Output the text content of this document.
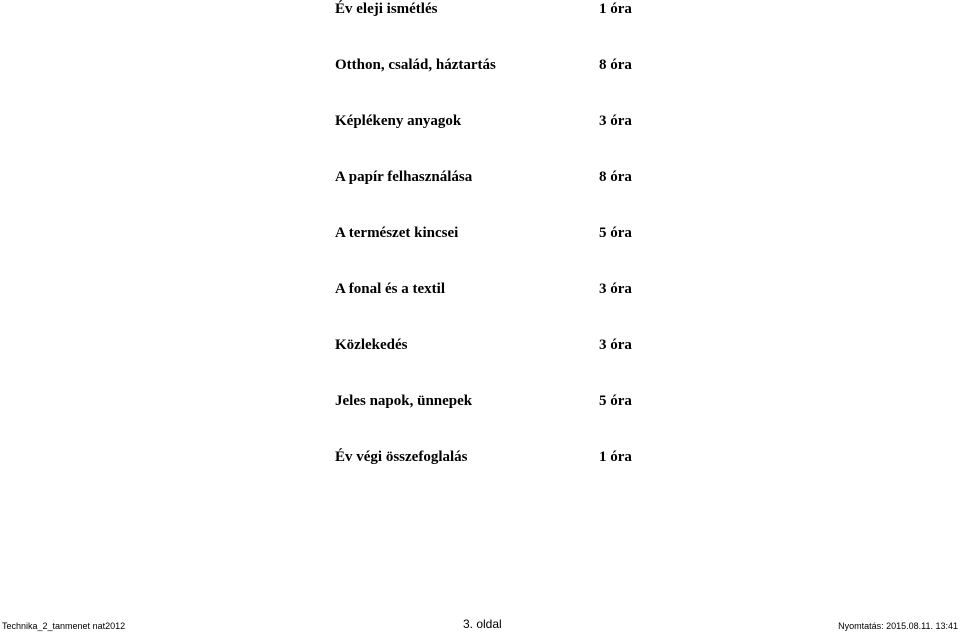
Év eleji ismétlés	1 óra
Otthon, család, háztartás	8 óra
Képlékeny anyagok	3 óra
A papír felhasználása	8 óra
A természet kincsei	5 óra
A fonal és a textil	3 óra
Közlekedés	3 óra
Jeles napok, ünnepek	5 óra
Év végi összefoglalás	1 óra
Technika_2_tanmenet nat2012	3. oldal	Nyomtatás: 2015.08.11. 13:41
